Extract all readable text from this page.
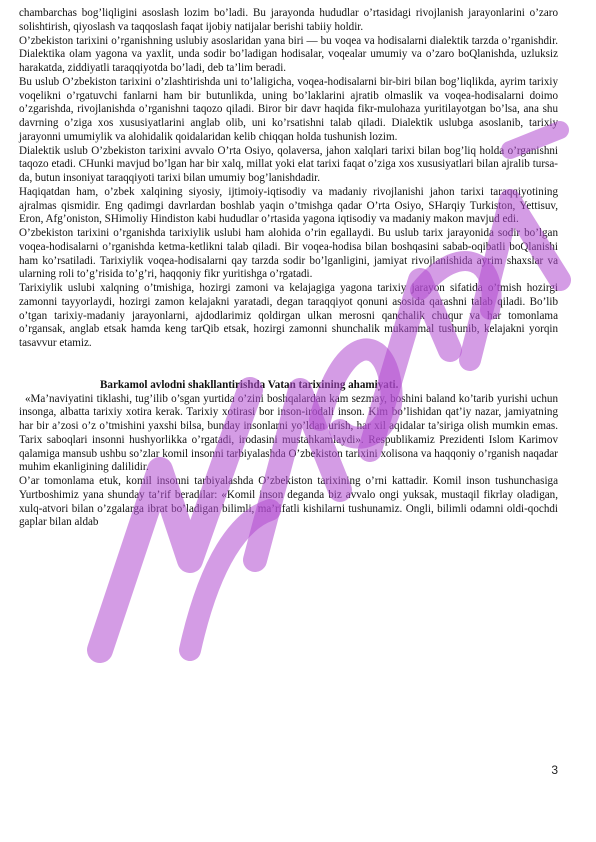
chambarchas bog’liqligini asoslash lozim bo’ladi. Bu jarayonda hududlar o’rtasidagi rivojlanish jarayonlarini o’zaro solishtirish, qiyoslash va taqqoslash faqat ijobiy natijalar berishi tabiiy holdir.

O’zbekiston tarixini o’rganishning uslubiy asoslaridan yana biri — bu voqea va hodisalarni dialektik tarzda o’rganishdir. Dialektika olam yagona va yaxlit, unda sodir bo’ladigan hodisalar, voqealar umumiy va o’zaro boQlanishda, uzluksiz harakatda, ziddiyatli taraqqiyotda bo’ladi, deb ta’lim beradi.

Bu uslub O’zbekiston tarixini o’zlashtirishda uni to’laligicha, voqea-hodisalarni bir-biri bilan bog’liqlikda, ayrim tarixiy voqelikni o’rgatuvchi fanlarni ham bir butunlikda, uning bo’laklarini ajratib olmaslik va voqea-hodisalarni doimo o’zgarishda, rivojlanishda o’rganishni taqozo qiladi. Biror bir davr haqida fikr-mulohaza yuritilayotgan bo’lsa, ana shu davrning o’ziga xos xususiyatlarini anglab olib, uni ko’rsatishni talab qiladi. Dialektik uslubga asoslanib, tarixiy jarayonni umumiylik va alohidalik qoidalaridan kelib chiqqan holda tushunish lozim.

Dialektik uslub O’zbekiston tarixini avvalo O’rta Osiyo, qolaversa, jahon xalqlari tarixi bilan bog’liq holda o’rganishni taqozo etadi. CHunki mavjud bo’lgan har bir xalq, millat yoki elat tarixi faqat o’ziga xos xususiyatlari bilan ajralib tursa-da, butun insoniyat taraqqiyoti tarixi bilan umumiy bog’lanishdadir.

Haqiqatdan ham, o’zbek xalqining siyosiy, ijtimoiy-iqtisodiy va madaniy rivojlanishi jahon tarixi taraqqiyotining ajralmas qismidir. Eng qadimgi davrlardan boshlab yaqin o’tmishga qadar O’rta Osiyo, SHarqiy Turkiston, Yettisuv, Eron, Afg’oniston, SHimoliy Hindiston kabi hududlar o’rtasida yagona iqtisodiy va madaniy makon mavjud edi.

O’zbekiston tarixini o’rganishda tarixiylik uslubi ham alohida o’rin egallaydi. Bu uslub tarix jarayonida sodir bo’lgan voqea-hodisalarni o’rganishda ketma-ketlikni talab qiladi. Bir voqea-hodisa bilan boshqasini sabab-oqibatli boQlanishi ham ko’rsatiladi. Tarixiylik voqea-hodisalarni qay tarzda sodir bo’lganligini, jamiyat rivojlanishida ayrim shaxslar va ularning roli to’g’risida to’g’ri, haqqoniy fikr yuritishga o’rgatadi.

Tarixiylik uslubi xalqning o’tmishiga, hozirgi zamoni va kelajagiga yagona tarixiy jarayon sifatida o’tmish hozirgi zamonni tayyorlaydi, hozirgi zamon kelajakni yaratadi, degan taraqqiyot qonuni asosida qarashni talab qiladi. Bo’lib o’tgan tarixiy-madaniy jarayonlarni, ajdodlarimiz qoldirgan ulkan merosni qanchalik chuqur va har tomonlama o’rgansak, anglab etsak hamda keng tarQib etsak, hozirgi zamonni shunchalik mukammal tushunib, kelajakni yorqin tasavvur etamiz.

Barkamol avlodni shakllantirishda Vatan tarixining ahamiyati.

«Ma’naviyatini tiklashi, tug’ilib o’sgan yurtida o’zini boshqalardan kam sezmay, boshini baland ko’tarib yurishi uchun insonga, albatta tarixiy xotira kerak. Tarixiy xotirasi bor inson-irodali inson. Kim bo’lishidan qat’iy nazar, jamiyatning har bir a’zosi o’z o’tmishini yaxshi bilsa, bunday insonlarni yo’ldan urish, har xil aqidalar ta’siriga olish mumkin emas. Tarix saboqlari insonni hushyorlikka o’rgatadi, irodasini mustahkamlaydi». Respublikamiz Prezidenti Islom Karimov qalamiga mansub ushbu so’zlar komil insonni tarbiyalashda O’zbekiston tarixini xolisona va haqqoniy o’rganish naqadar muhim ekanligining dalilidir.

O’ar tomonlama etuk, komil insonni tarbiyalashda O’zbekiston tarixining o’rni kattadir. Komil inson tushunchasiga Yurtboshimiz yana shunday ta’rif beradilar: «Komil inson deganda biz avvalo ongi yuksak, mustaqil fikrlay oladigan, xulq-atvori bilan o’zgalarga ibrat bo’ladigan bilimli, ma’rifatli kishilarni tushunamiz. Ongli, bilimli odamni oldi-qochdi gaplar bilan aldab

3
